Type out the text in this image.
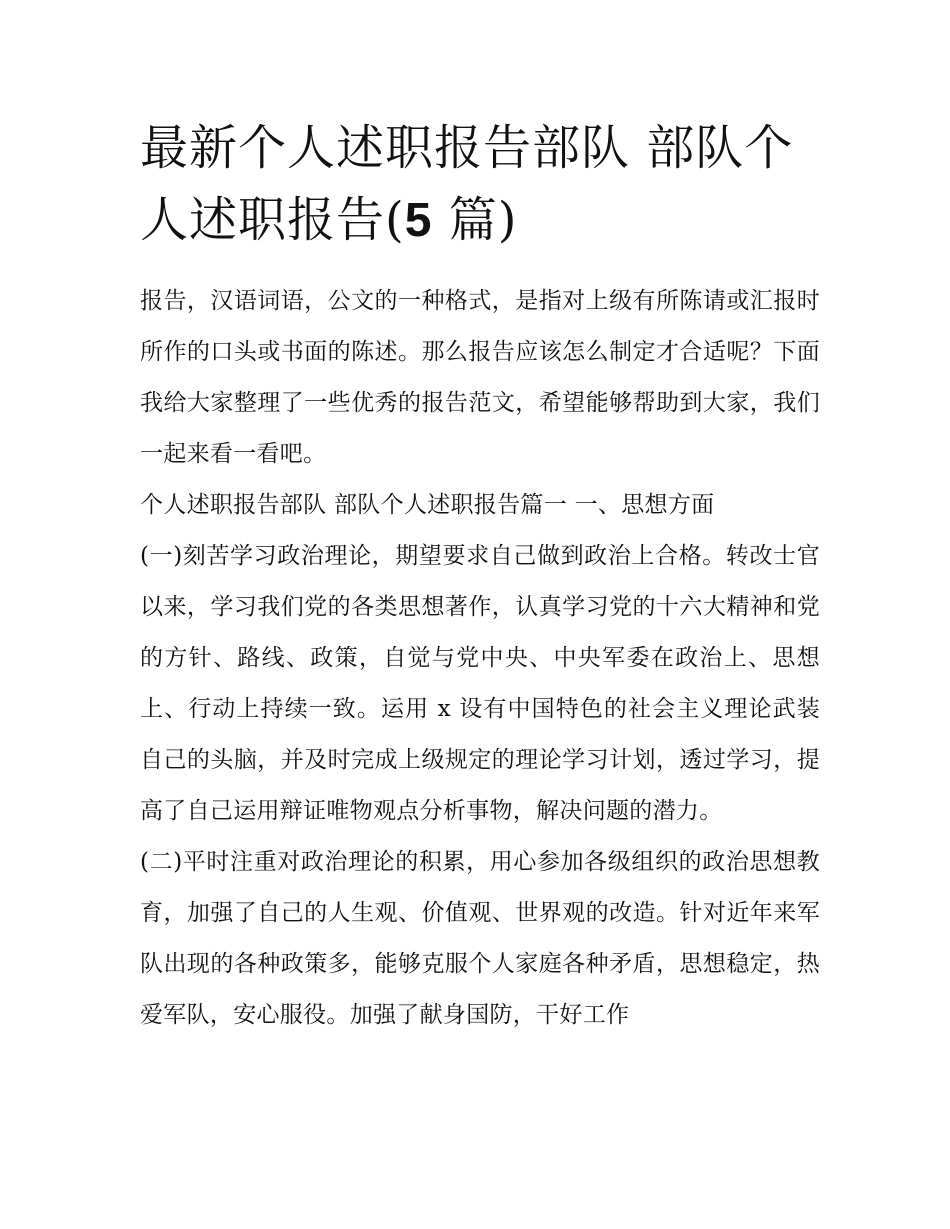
最新个人述职报告部队 部队个人述职报告(5 篇)

报告，汉语词语，公文的一种格式，是指对上级有所陈请或汇报时所作的口头或书面的陈述。那么报告应该怎么制定才合适呢？下面我给大家整理了一些优秀的报告范文，希望能够帮助到大家，我们一起来看一看吧。

个人述职报告部队 部队个人述职报告篇一 一、思想方面

(一)刻苦学习政治理论，期望要求自己做到政治上合格。转改士官以来，学习我们党的各类思想著作，认真学习党的十六大精神和党的方针、路线、政策，自觉与党中央、中央军委在政治上、思想上、行动上持续一致。运用 x 设有中国特色的社会主义理论武装自己的头脑，并及时完成上级规定的理论学习计划，透过学习，提高了自己运用辩证唯物观点分析事物，解决问题的潜力。

(二)平时注重对政治理论的积累，用心参加各级组织的政治思想教育，加强了自己的人生观、价值观、世界观的改造。针对近年来军队出现的各种政策多，能够克服个人家庭各种矛盾，思想稳定，热爱军队，安心服役。加强了献身国防，干好工作
